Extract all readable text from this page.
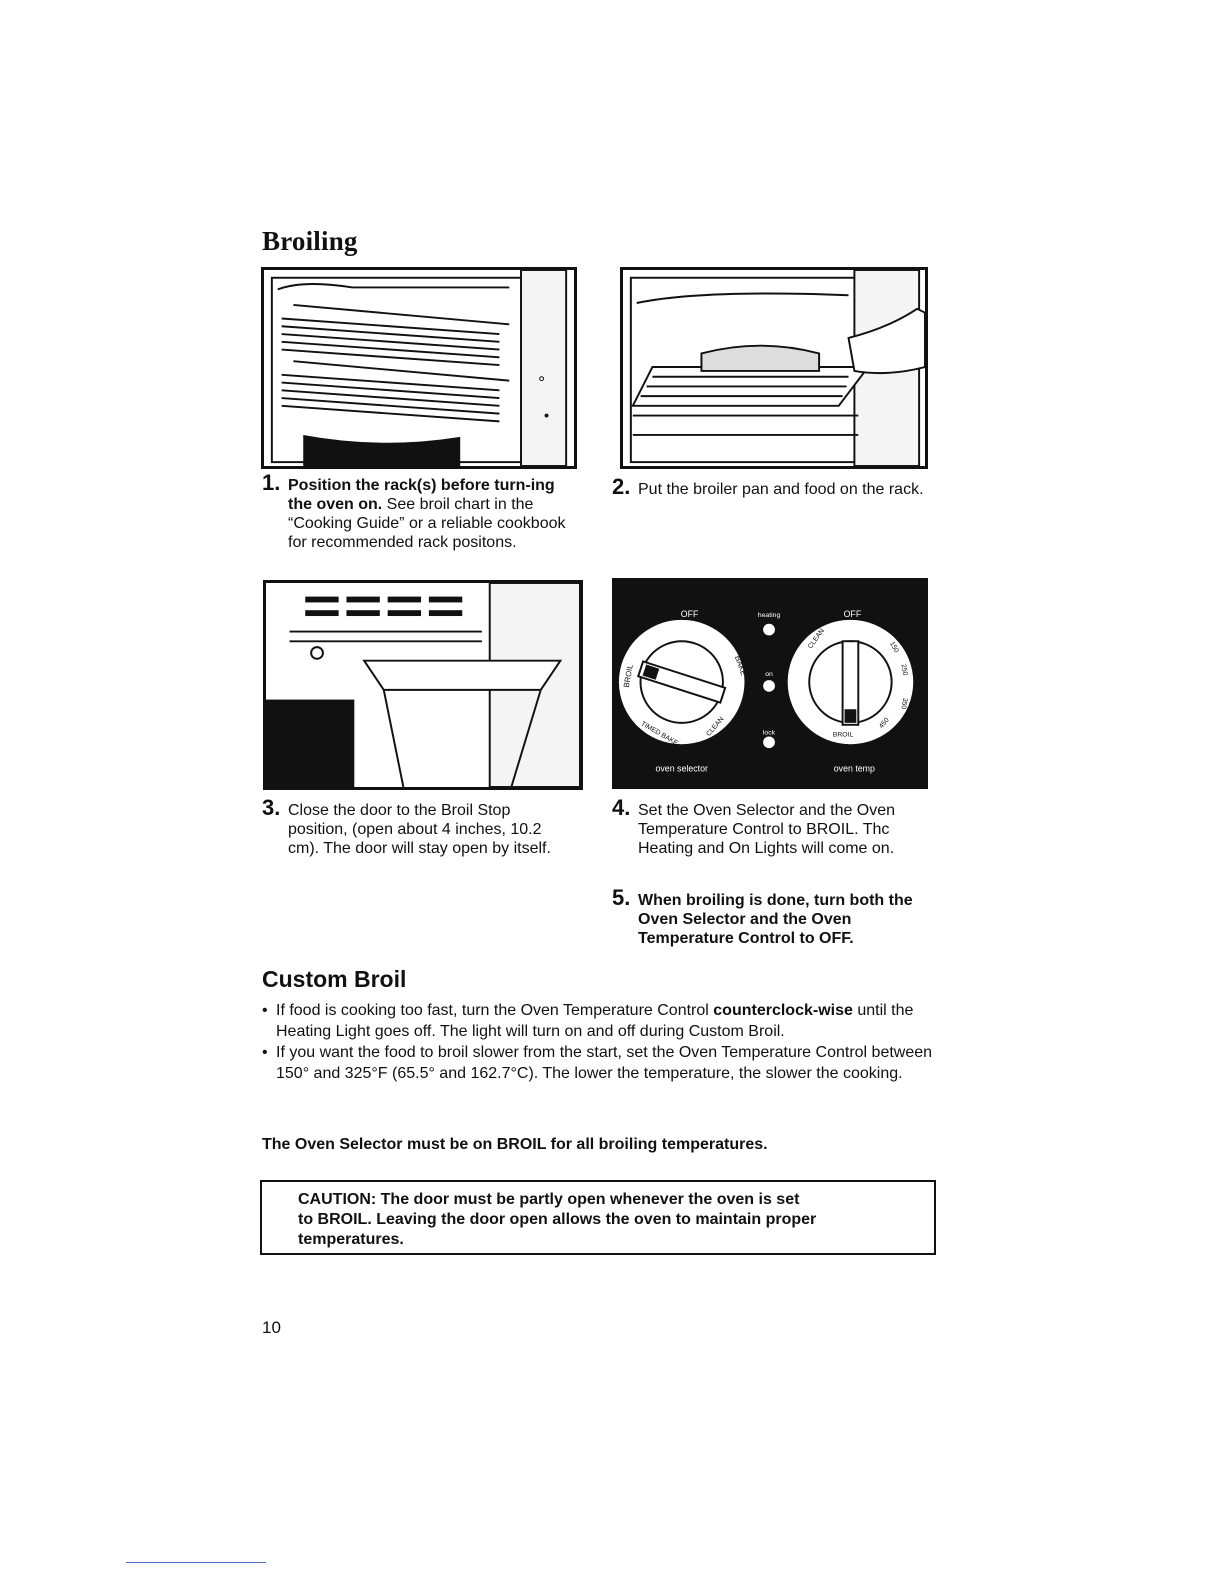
Broiling
1. Position the rack(s) before turn-ing the oven on. See broil chart in the “Cooking Guide” or a reliable cookbook for recommended rack positons.
2. Put the broiler pan and food on the rack.
OFF	heating	OFF
on
lock
BROIL	BAKE
TIMED BAKE	CLEAN
CLEAN	150
250
350
450
BROIL
oven selector	oven temp
3. Close the door to the Broil Stop position, (open about 4 inches, 10.2 cm). The door will stay open by itself.
4. Set the Oven Selector and the Oven Temperature Control to BROIL. Thc Heating and On Lights will come on.
5. When broiling is done, turn both the Oven Selector and the Oven Temperature Control to OFF.
Custom Broil
• If food is cooking too fast, turn the Oven Temperature Control counterclock-wise until the Heating Light goes off. The light will turn on and off during Custom Broil.
• If you want the food to broil slower from the start, set the Oven Temperature Control between 150° and 325°F (65.5° and 162.7°C). The lower the temperature, the slower the cooking.
The Oven Selector must be on BROIL for all broiling temperatures.
CAUTION: The door must be partly open whenever the oven is set
to BROIL. Leaving the door open allows the oven to maintain proper
temperatures.
10
